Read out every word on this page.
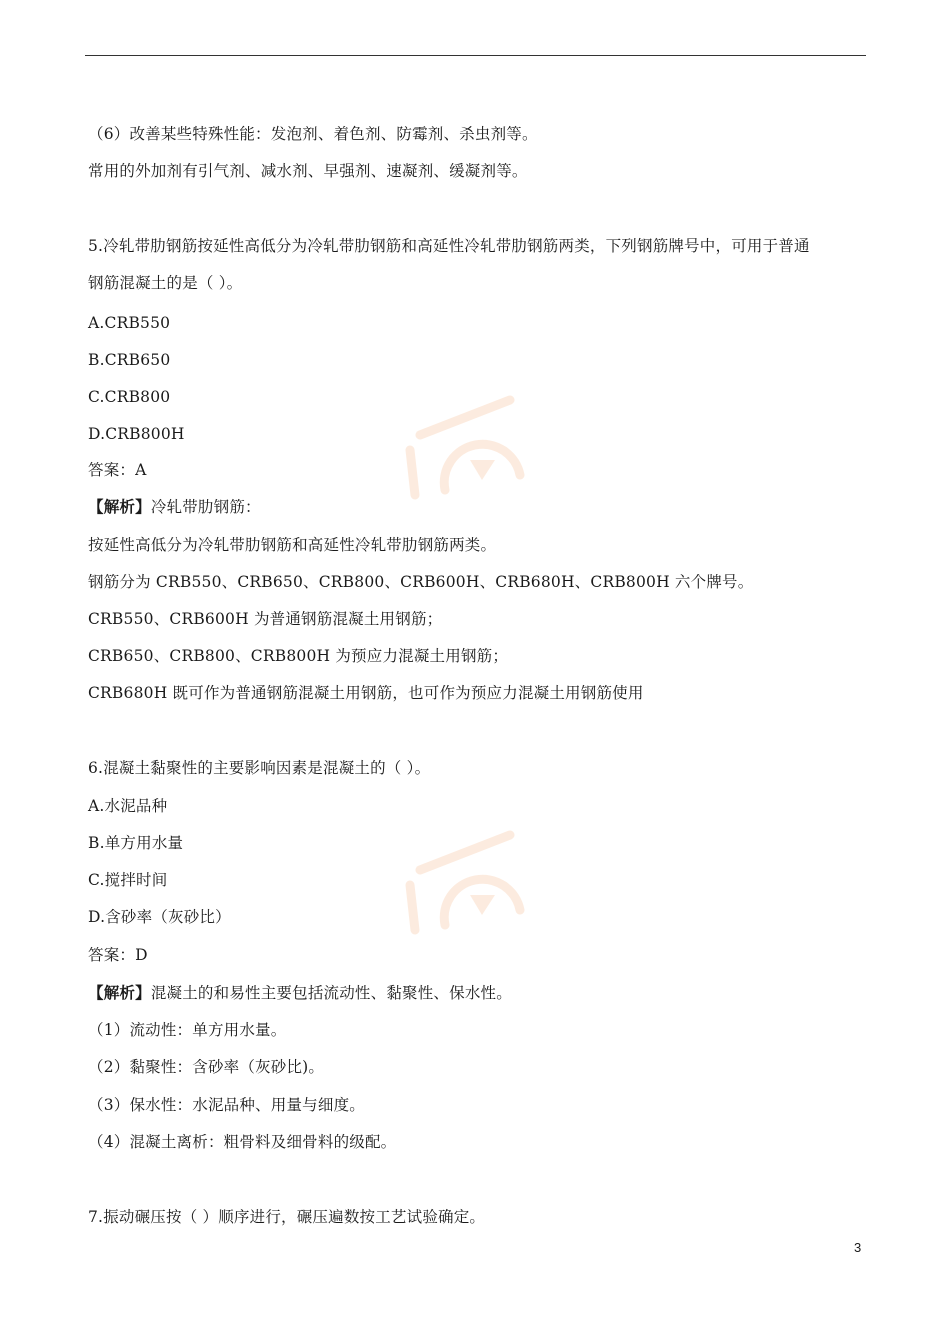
（6）改善某些特殊性能：发泡剂、着色剂、防霉剂、杀虫剂等。
常用的外加剂有引气剂、减水剂、早强剂、速凝剂、缓凝剂等。
5.冷轧带肋钢筋按延性高低分为冷轧带肋钢筋和高延性冷轧带肋钢筋两类，下列钢筋牌号中，可用于普通
钢筋混凝土的是（ ）。
A.CRB550
B.CRB650
C.CRB800
D.CRB800H
答案：A
【解析】冷轧带肋钢筋：
按延性高低分为冷轧带肋钢筋和高延性冷轧带肋钢筋两类。
钢筋分为 CRB550、CRB650、CRB800、CRB600H、CRB680H、CRB800H 六个牌号。
CRB550、CRB600H 为普通钢筋混凝土用钢筋；
CRB650、CRB800、CRB800H 为预应力混凝土用钢筋；
CRB680H 既可作为普通钢筋混凝土用钢筋，也可作为预应力混凝土用钢筋使用
6.混凝土黏聚性的主要影响因素是混凝土的（ ）。
A.水泥品种
B.单方用水量
C.搅拌时间
D.含砂率（灰砂比）
答案：D
【解析】混凝土的和易性主要包括流动性、黏聚性、保水性。
（1）流动性：单方用水量。
（2）黏聚性：含砂率（灰砂比)。
（3）保水性：水泥品种、用量与细度。
（4）混凝土离析：粗骨料及细骨料的级配。
7.振动碾压按（ ）顺序进行，碾压遍数按工艺试验确定。
3
